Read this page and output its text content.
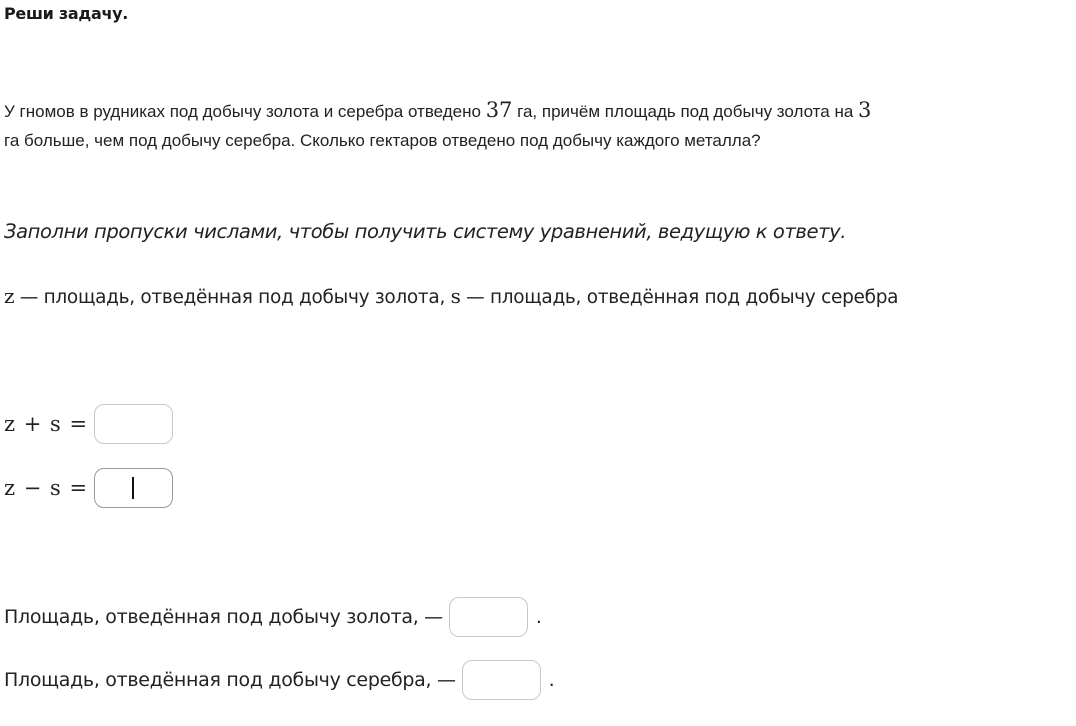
Реши задачу.
У гномов в рудниках под добычу золота и серебра отведено 37 га, причём площадь под добычу золота на 3 га больше, чем под добычу серебра. Сколько гектаров отведено под добычу каждого металла?
Заполни пропуски числами, чтобы получить систему уравнений, ведущую к ответу.
z — площадь, отведённая под добычу золота, s — площадь, отведённая под добычу серебра
z + s =
z − s =
Площадь, отведённая под добычу золота, —	.
Площадь, отведённая под добычу серебра, —	.
